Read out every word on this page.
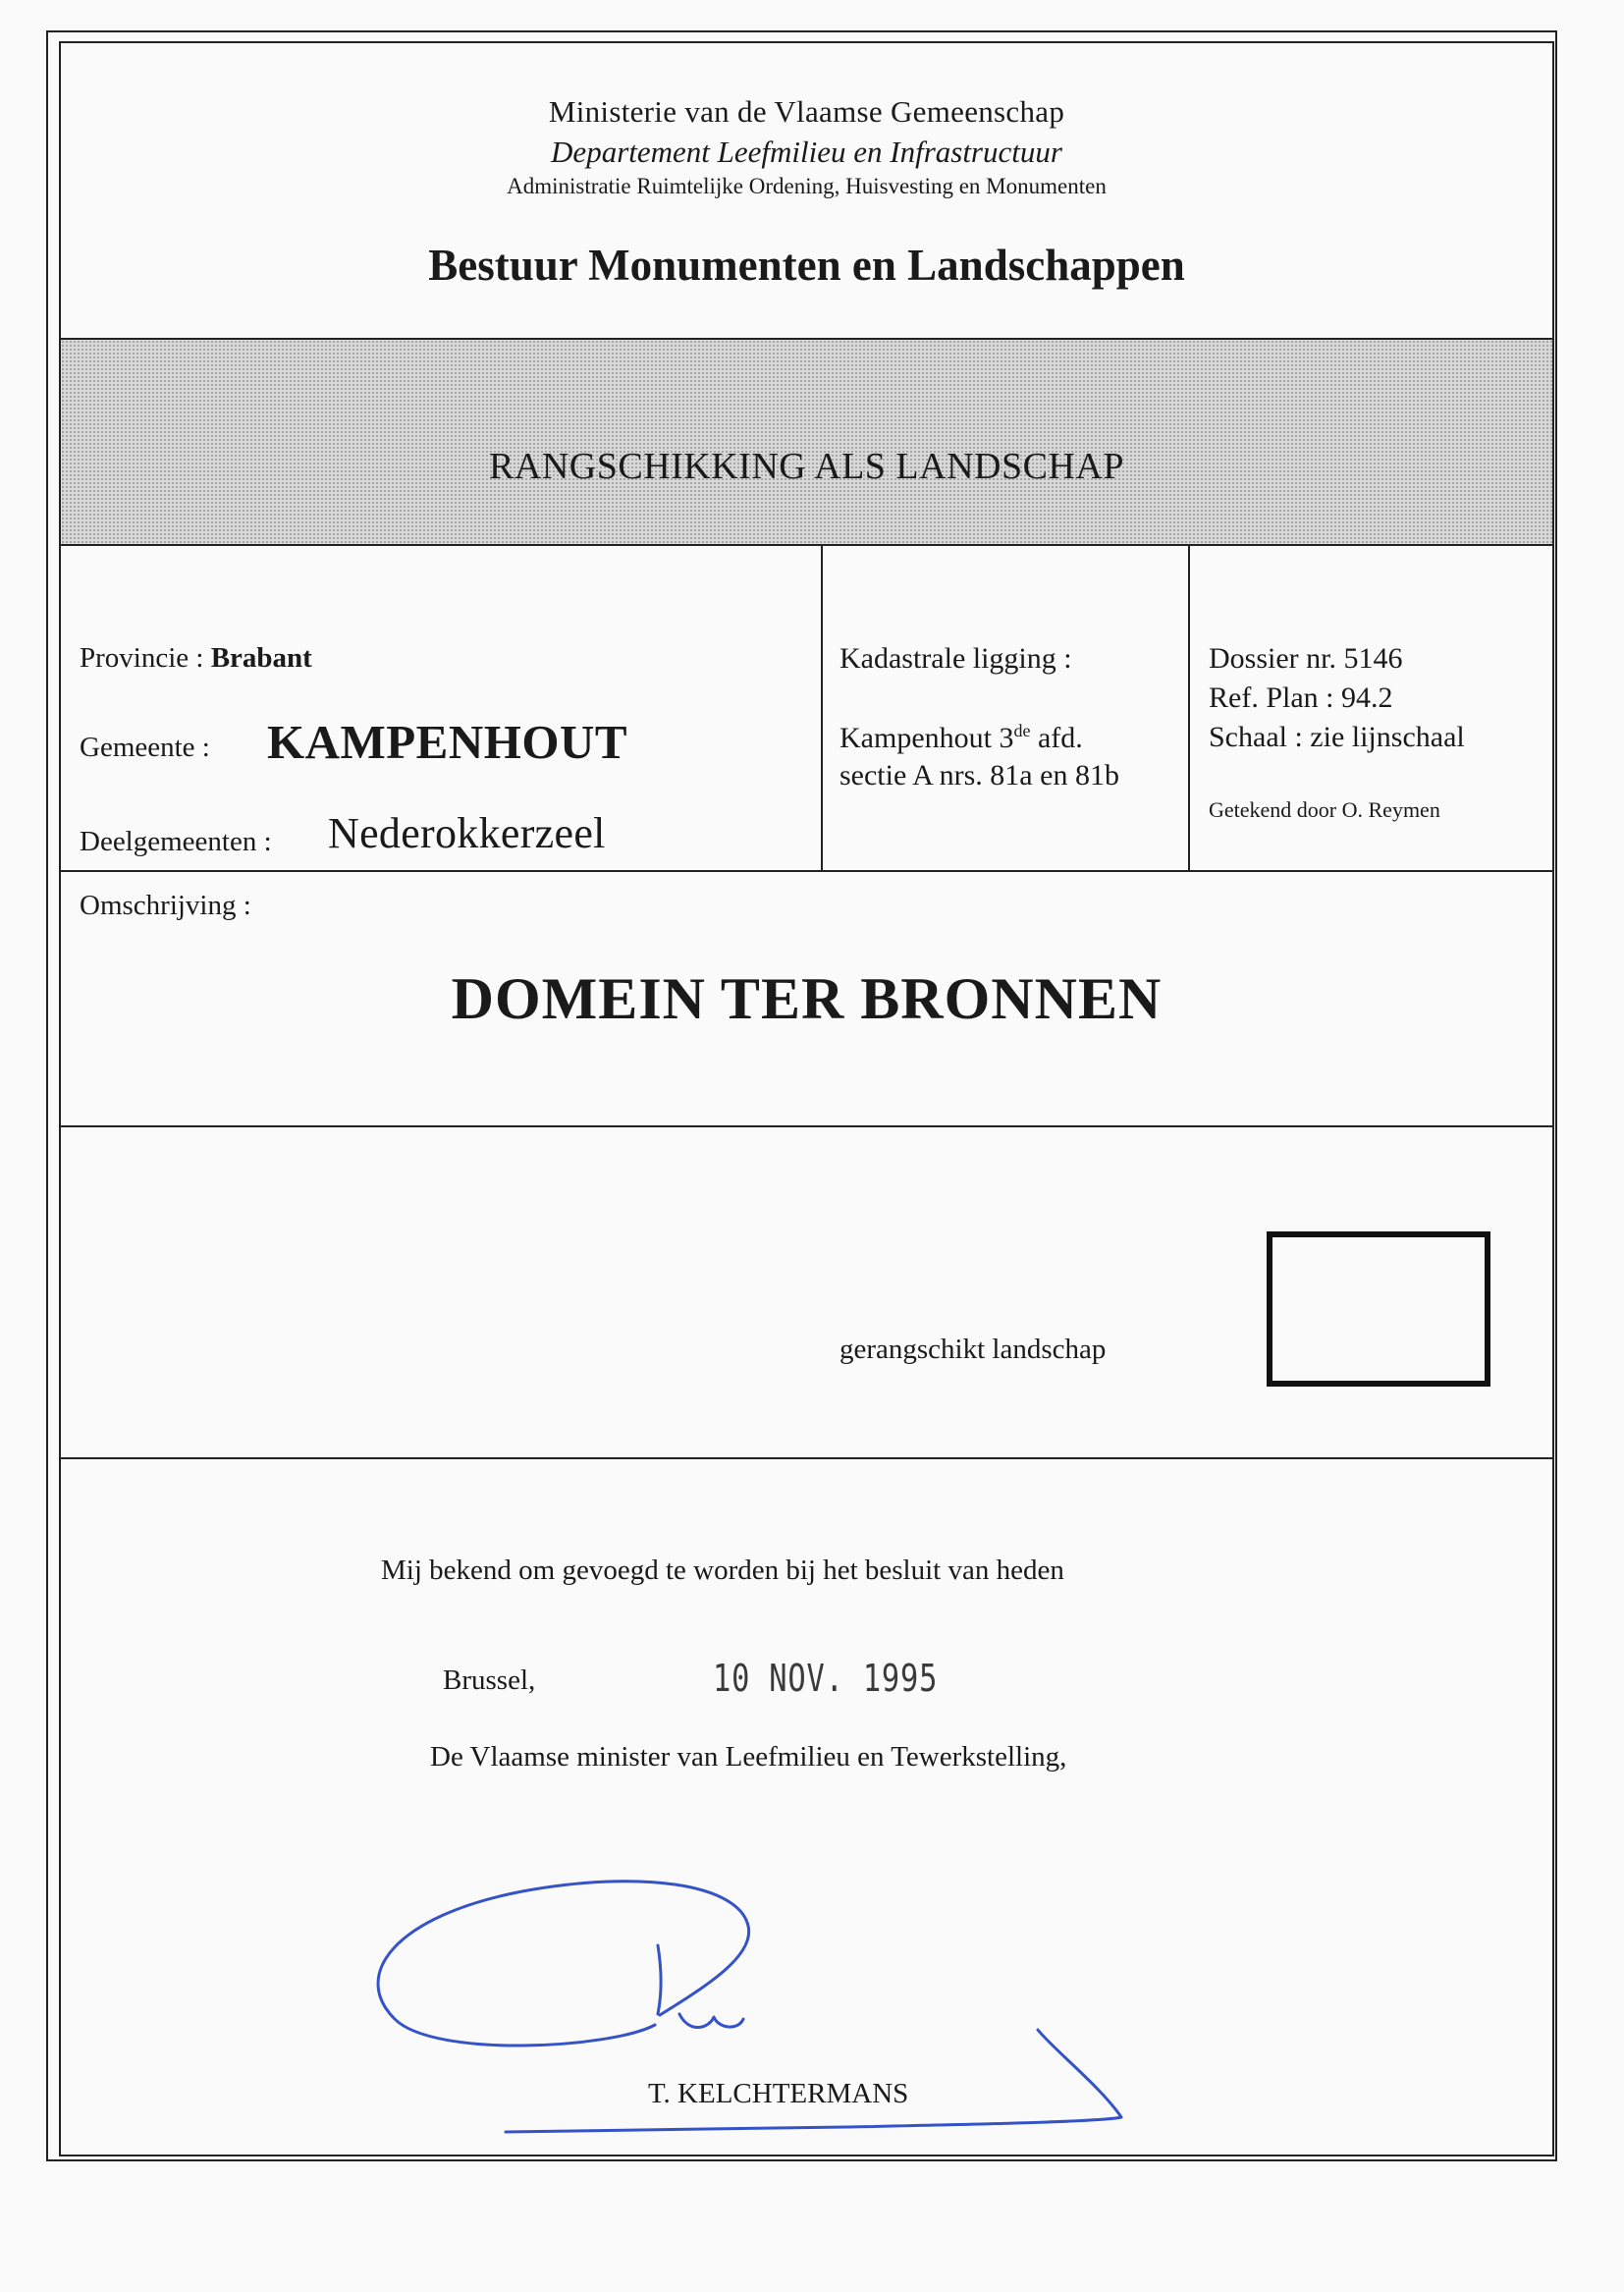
Ministerie van de Vlaamse Gemeenschap
Departement Leefmilieu en Infrastructuur
Administratie Ruimtelijke Ordening, Huisvesting en Monumenten
Bestuur Monumenten en Landschappen
RANGSCHIKKING ALS LANDSCHAP
Provincie : Brabant
Gemeente : KAMPENHOUT
Deelgemeenten : Nederokkerzeel
Kadastrale ligging :
Kampenhout 3de afd.
sectie A nrs. 81a en 81b
Dossier nr. 5146
Ref. Plan : 94.2
Schaal : zie lijnschaal
Getekend door O. Reymen
Omschrijving :
DOMEIN TER BRONNEN
gerangschikt landschap
Mij bekend om gevoegd te worden bij het besluit van heden
Brussel,	10 NOV. 1995
De Vlaamse minister van Leefmilieu en Tewerkstelling,
T. KELCHTERMANS
